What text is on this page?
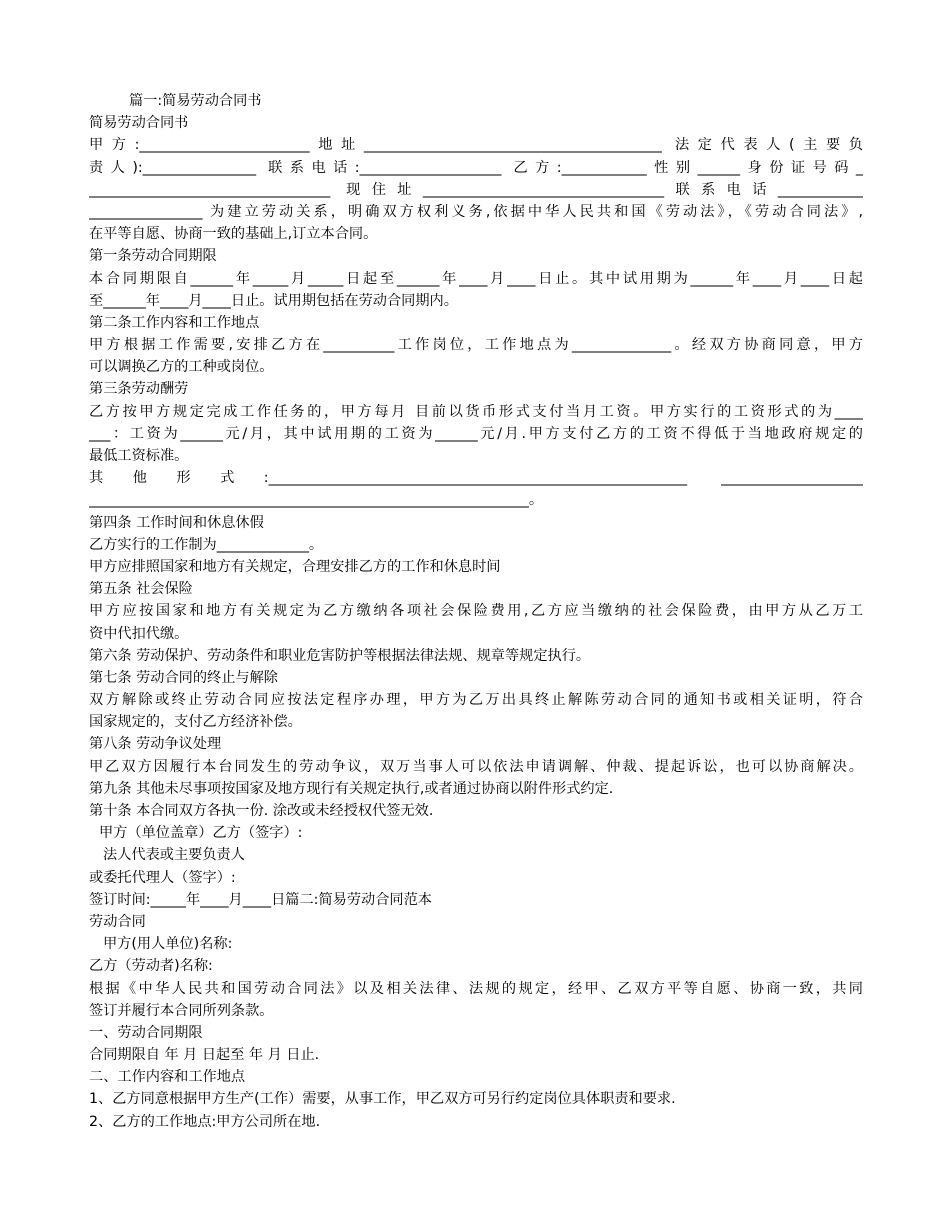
篇一:简易劳动合同书
简易劳动合同书
甲方:________________________地址__________________________________________ 法定代表人(主要负
责人):________________ 联系电话:____________________ 乙方:____________性别______身份证号码_
__________________________________ 现住址__________________________________联系电话____________
________________ 为建立劳动关系，明确双方权利义务,依据中华人民共和国《劳动法》，《劳动合同法》,
在平等自愿、协商一致的基础上,订立本合同。
第一条劳动合同期限
本合同期限自______年_____月_____日起至______年____月____日止。其中试用期为______年____月____日起
至______年____月____日止。试用期包括在劳动合同期内。
第二条工作内容和工作地点
甲方根据工作需要,安排乙方在__________工作岗位，工作地点为______________。经双方协商同意，甲方
可以调换乙方的工种或岗位。
第三条劳动酬劳
乙方按甲方规定完成工作任务的，甲方每月 目前以货币形式支付当月工资。甲方实行的工资形式的为____
___：工资为______元/月，其中试用期的工资为______元/月.甲方支付乙方的工资不得低于当地政府规定的
最低工资标准。
其他形式:___________________________________________________________ ____________________
______________________________________________________________。
第四条 工作时间和休息休假
乙方实行的工作制为_____________。
甲方应排照国家和地方有关规定，合理安排乙方的工作和休息时间
第五条 社会保险
甲方应按国家和地方有关规定为乙方缴纳各项社会保险费用,乙方应当缴纳的社会保险费，由甲方从乙万工
资中代扣代缴。
第六条 劳动保护、劳动条件和职业危害防护等根据法律法规、规章等规定执行。
第七条 劳动合同的终止与解除
双方解除或终止劳动合同应按法定程序办理，甲方为乙万出具终止解陈劳动合同的通知书或相关证明，符合
国家规定的，支付乙方经济补偿。
第八条 劳动争议处理
甲乙双方因履行本台同发生的劳动争议，双万当事人可以依法申请调解、仲裁、提起诉讼，也可以协商解决。
第九条 其他未尽事项按国家及地方现行有关规定执行,或者通过协商以附件形式约定.
第十条 本合同双方各执一份. 涂改或未经授权代签无效.
甲方（单位盖章）乙方（签字）:
法人代表或主要负责人
或委托代理人（签字）:
签订时间:_____年____月____日篇二:简易劳动合同范本
劳动合同
甲方(用人单位)名称:
乙方（劳动者)名称:
根据《中华人民共和国劳动合同法》以及相关法律、法规的规定，经甲、乙双方平等自愿、协商一致，共同
签订并履行本合同所列条款。
一、劳动合同期限
合同期限自 年 月 日起至 年 月 日止.
二、工作内容和工作地点
1、乙方同意根据甲方生产(工作）需要，从事工作，甲乙双方可另行约定岗位具体职责和要求.
2、乙方的工作地点:甲方公司所在地.
